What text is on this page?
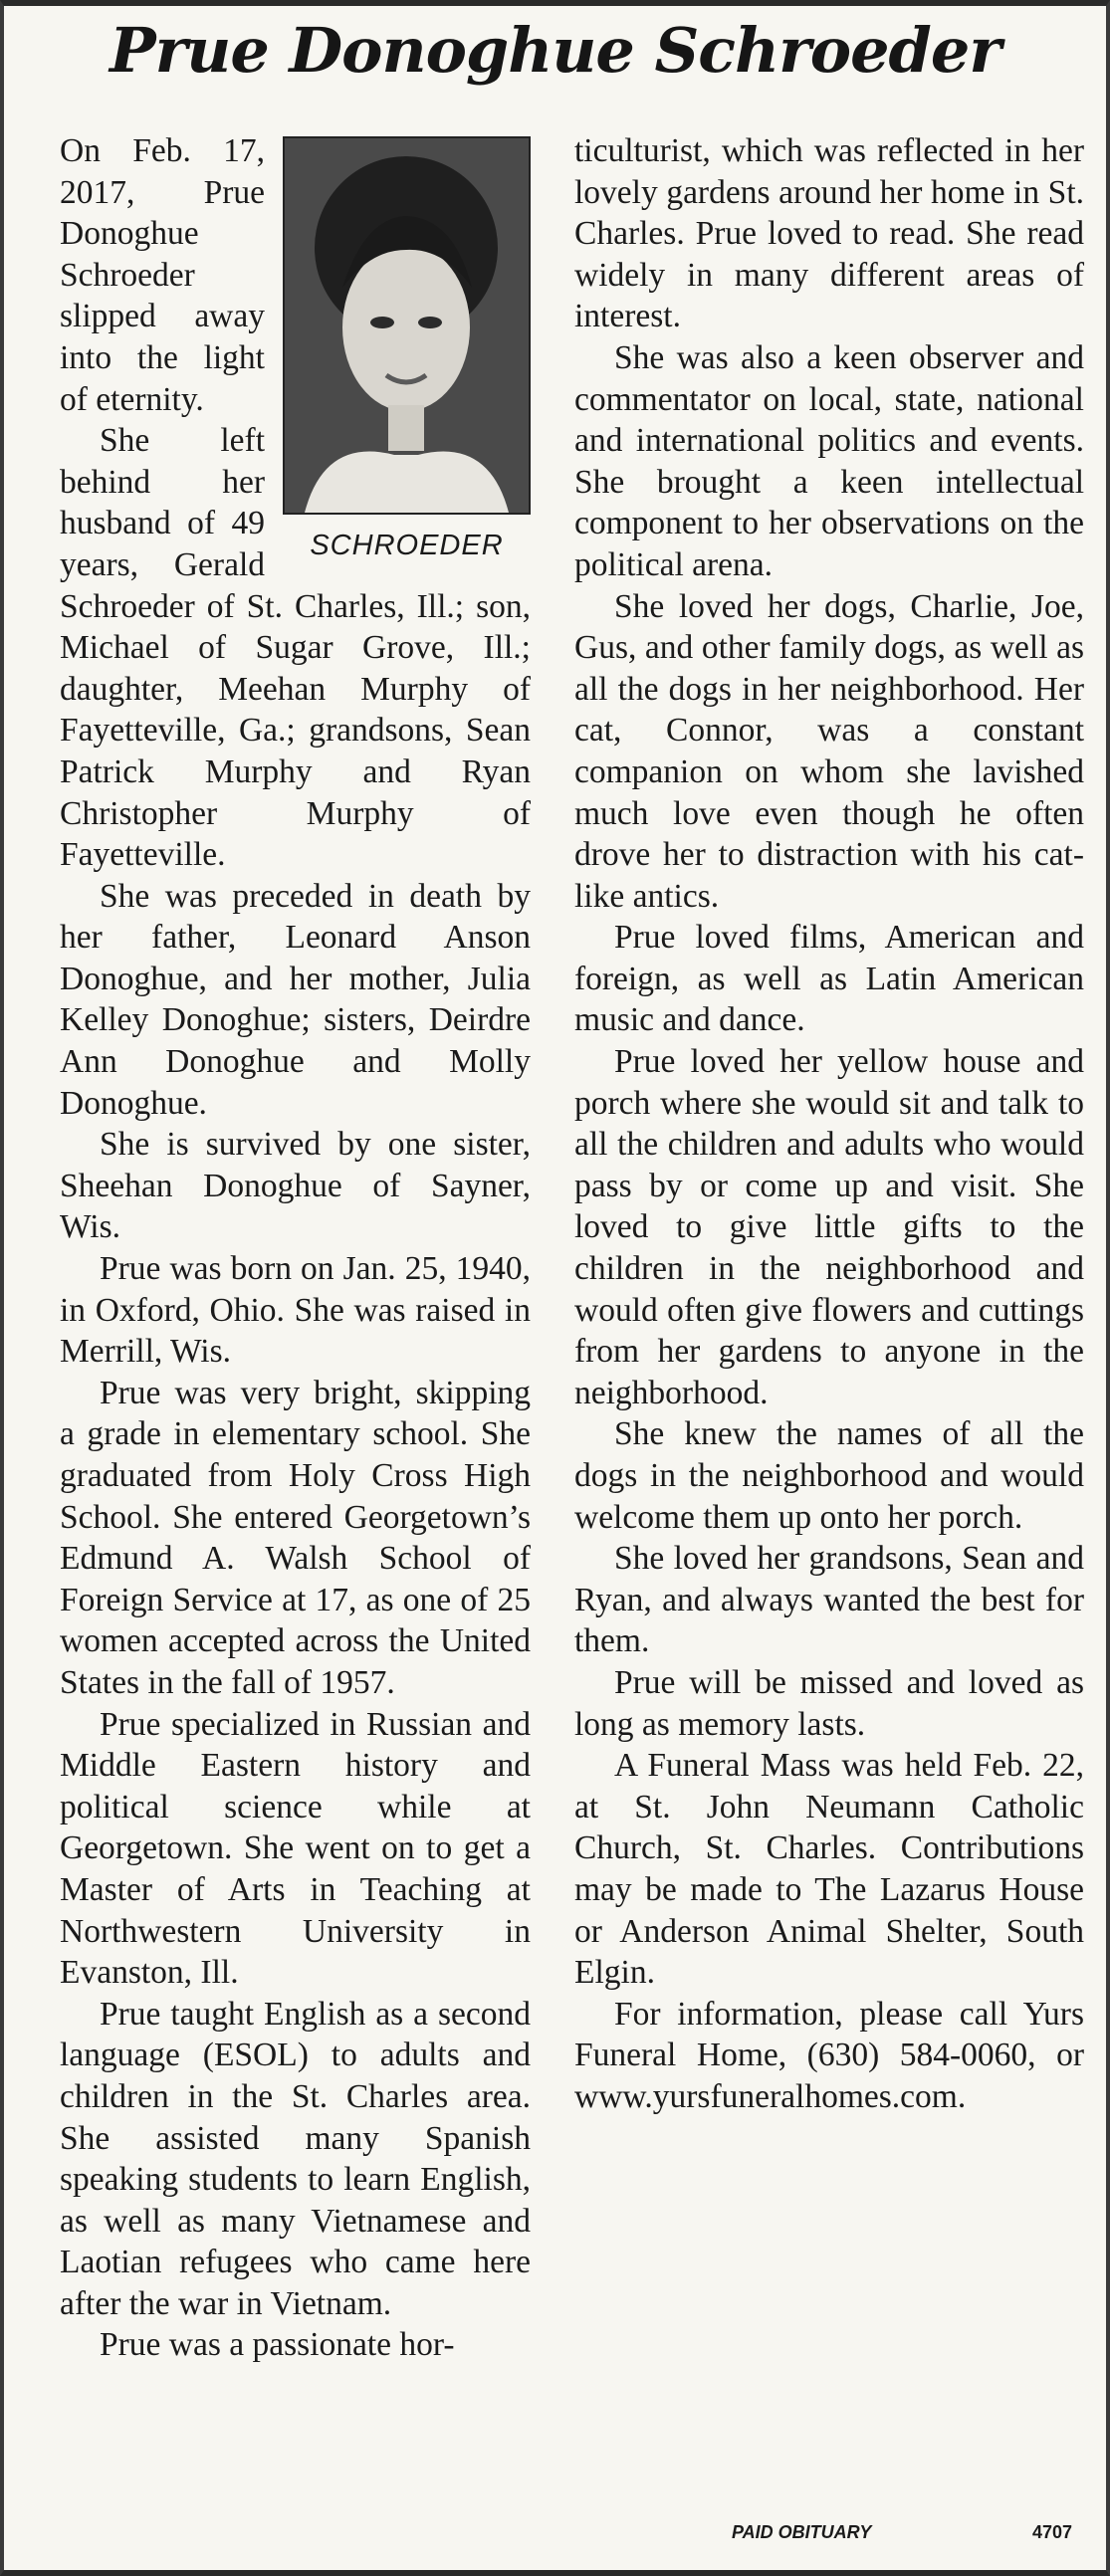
Prue Donoghue Schroeder
SCHROEDER

On Feb. 17, 2017, Prue Donoghue Schroeder slipped away into the light of eternity.

She left behind her husband of 49 years, Gerald Schroeder of St. Charles, Ill.; son, Michael of Sugar Grove, Ill.; daughter, Meehan Murphy of Fayetteville, Ga.; grandsons, Sean Patrick Murphy and Ryan Christopher Murphy of Fayetteville.

She was preceded in death by her father, Leonard Anson Donoghue, and her mother, Julia Kelley Donoghue; sisters, Deirdre Ann Donoghue and Molly Donoghue.

She is survived by one sister, Sheehan Donoghue of Sayner, Wis.

Prue was born on Jan. 25, 1940, in Oxford, Ohio. She was raised in Merrill, Wis.

Prue was very bright, skipping a grade in elementary school. She graduated from Holy Cross High School. She entered Georgetown’s Edmund A. Walsh School of Foreign Service at 17, as one of 25 women accepted across the United States in the fall of 1957.

Prue specialized in Russian and Middle Eastern history and political science while at Georgetown. She went on to get a Master of Arts in Teaching at Northwestern University in Evanston, Ill.

Prue taught English as a second language (ESOL) to adults and children in the St. Charles area. She assisted many Spanish speaking students to learn English, as well as many Vietnamese and Laotian refugees who came here after the war in Vietnam.

Prue was a passionate hor-

ticulturist, which was reflected in her lovely gardens around her home in St. Charles. Prue loved to read. She read widely in many different areas of interest.

She was also a keen observer and commentator on local, state, national and international politics and events. She brought a keen intellectual component to her observations on the political arena.

She loved her dogs, Charlie, Joe, Gus, and other family dogs, as well as all the dogs in her neighborhood. Her cat, Connor, was a constant companion on whom she lavished much love even though he often drove her to distraction with his cat-like antics.

Prue loved films, American and foreign, as well as Latin American music and dance.

Prue loved her yellow house and porch where she would sit and talk to all the children and adults who would pass by or come up and visit. She loved to give little gifts to the children in the neighborhood and would often give flowers and cuttings from her gardens to anyone in the neighborhood.

She knew the names of all the dogs in the neighborhood and would welcome them up onto her porch.

She loved her grandsons, Sean and Ryan, and always wanted the best for them.

Prue will be missed and loved as long as memory lasts.

A Funeral Mass was held Feb. 22, at St. John Neumann Catholic Church, St. Charles. Contributions may be made to The Lazarus House or Anderson Animal Shelter, South Elgin.

For information, please call Yurs Funeral Home, (630) 584-0060, or www.yursfuneralhomes.com.

PAID OBITUARY	4707
